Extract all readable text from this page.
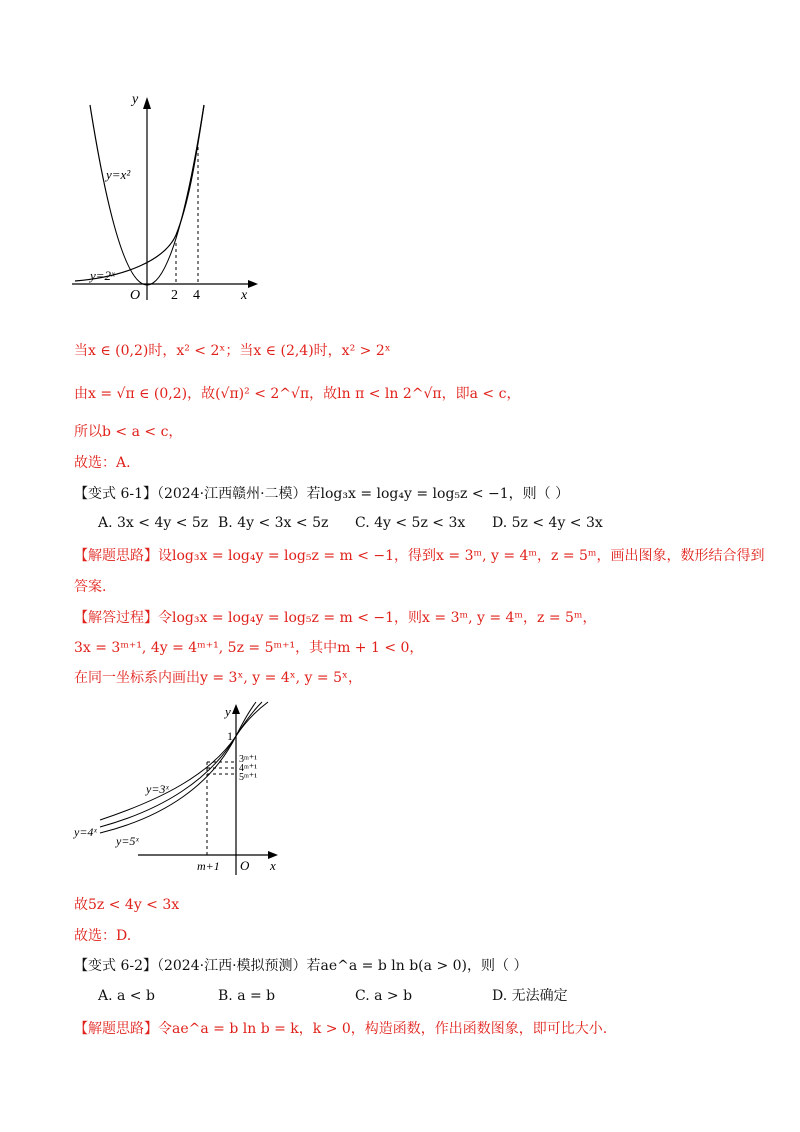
y
x
O 2 4
y=x²
y=2ˣ
当x ∈ (0,2)时，x² < 2ˣ；当x ∈ (2,4)时，x² > 2ˣ
由x = √π ∈ (0,2)，故(√π)² < 2^√π，故ln π < ln 2^√π，即a < c，
所以b < a < c，
故选：A.
【变式 6-1】（2024·江西赣州·二模）若log₃x = log₄y = log₅z < −1，则（ ）
A. 3x < 4y < 5z B. 4y < 3x < 5z C. 4y < 5z < 3x D. 5z < 4y < 3x
【解题思路】设log₃x = log₄y = log₅z = m < −1，得到x = 3ᵐ, y = 4ᵐ，z = 5ᵐ，画出图象，数形结合得到
答案.
【解答过程】令log₃x = log₄y = log₅z = m < −1，则x = 3ᵐ, y = 4ᵐ，z = 5ᵐ，
3x = 3ᵐ⁺¹, 4y = 4ᵐ⁺¹, 5z = 5ᵐ⁺¹，其中m + 1 < 0，
在同一坐标系内画出y = 3ˣ, y = 4ˣ, y = 5ˣ，
y
x
O
1
m+1
3ᵐ⁺¹
4ᵐ⁺¹
5ᵐ⁺¹
y=3ˣ
y=4ˣ
y=5ˣ
故5z < 4y < 3x
故选：D.
【变式 6-2】（2024·江西·模拟预测）若ae^a = b ln b(a > 0)，则（ ）
A. a < b	B. a = b	C. a > b	D. 无法确定
【解题思路】令ae^a = b ln b = k，k > 0，构造函数，作出函数图象，即可比大小.
